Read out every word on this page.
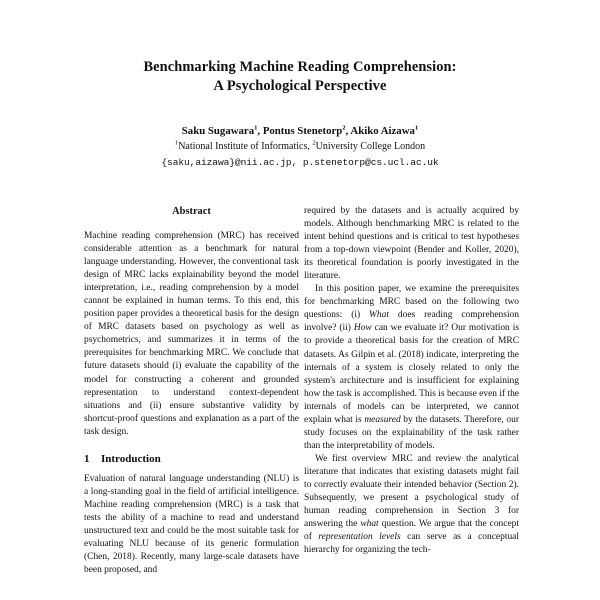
Benchmarking Machine Reading Comprehension:
A Psychological Perspective
Saku Sugawara$^1$, Pontus Stenetorp$^2$, Akiko Aizawa$^1$
$^1$National Institute of Informatics, $^2$University College London
{saku,aizawa}@nii.ac.jp, p.stenetorp@cs.ucl.ac.uk
Abstract

Machine reading comprehension (MRC) has received considerable attention as a benchmark for natural language understanding. However, the conventional task design of MRC lacks explainability beyond the model interpretation, i.e., reading comprehension by a model cannot be explained in human terms. To this end, this position paper provides a theoretical basis for the design of MRC datasets based on psychology as well as psychometrics, and summarizes it in terms of the prerequisites for benchmarking MRC. We conclude that future datasets should (i) evaluate the capability of the model for constructing a coherent and grounded representation to understand context-dependent situations and (ii) ensure substantive validity by shortcut-proof questions and explanation as a part of the task design.

1 Introduction

Evaluation of natural language understanding (NLU) is a long-standing goal in the field of artificial intelligence. Machine reading comprehension (MRC) is a task that tests the ability of a machine to read and understand unstructured text and could be the most suitable task for evaluating NLU because of its generic formulation (Chen, 2018). Recently, many large-scale datasets have been proposed, and

required by the datasets and is actually acquired by models. Although benchmarking MRC is related to the intent behind questions and is critical to test hypotheses from a top-down viewpoint (Bender and Koller, 2020), its theoretical foundation is poorly investigated in the literature.

In this position paper, we examine the prerequisites for benchmarking MRC based on the following two questions: (i) What does reading comprehension involve? (ii) How can we evaluate it? Our motivation is to provide a theoretical basis for the creation of MRC datasets. As Gilpin et al. (2018) indicate, interpreting the internals of a system is closely related to only the system's architecture and is insufficient for explaining how the task is accomplished. This is because even if the internals of models can be interpreted, we cannot explain what is measured by the datasets. Therefore, our study focuses on the explainability of the task rather than the interpretability of models.

We first overview MRC and review the analytical literature that indicates that existing datasets might fail to correctly evaluate their intended behavior (Section 2). Subsequently, we present a psychological study of human reading comprehension in Section 3 for answering the what question. We argue that the concept of representation levels can serve as a conceptual hierarchy for organizing the tech-
